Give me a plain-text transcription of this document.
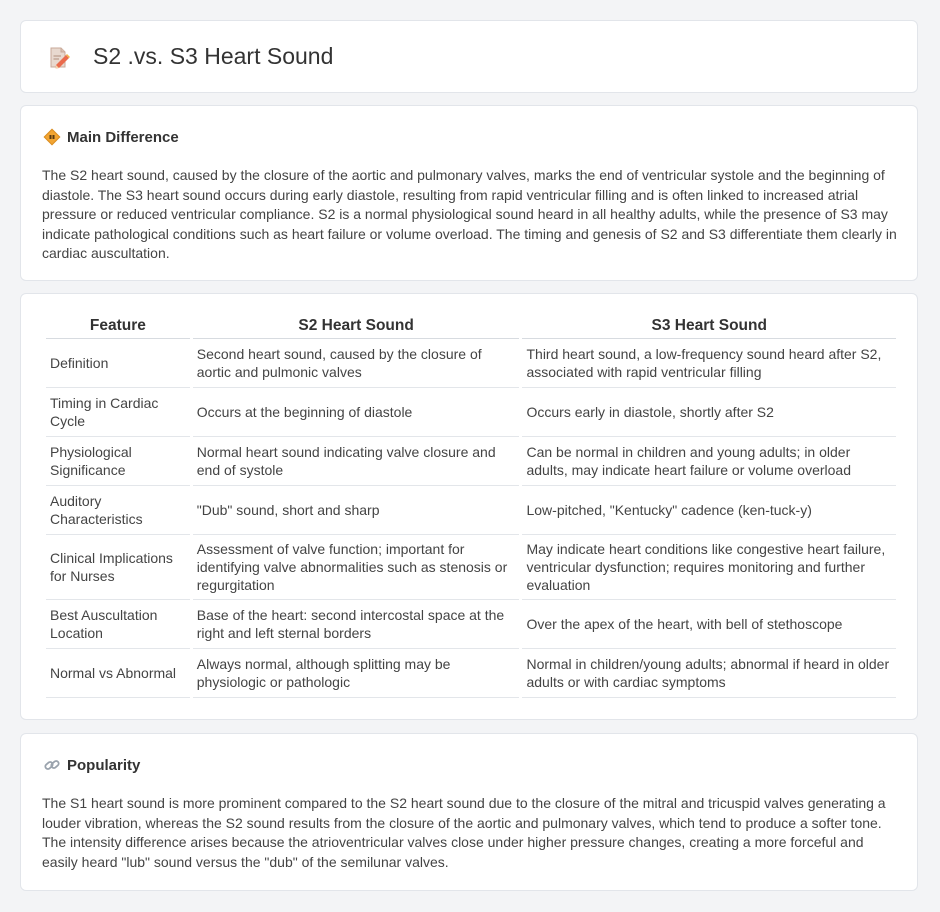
S2 .vs. S3 Heart Sound
Main Difference

The S2 heart sound, caused by the closure of the aortic and pulmonary valves, marks the end of ventricular systole and the beginning of diastole. The S3 heart sound occurs during early diastole, resulting from rapid ventricular filling and is often linked to increased atrial pressure or reduced ventricular compliance. S2 is a normal physiological sound heard in all healthy adults, while the presence of S3 may indicate pathological conditions such as heart failure or volume overload. The timing and genesis of S2 and S3 differentiate them clearly in cardiac auscultation.

Feature	S2 Heart Sound	S3 Heart Sound
Definition	Second heart sound, caused by the closure of aortic and pulmonic valves	Third heart sound, a low-frequency sound heard after S2, associated with rapid ventricular filling
Timing in Cardiac Cycle	Occurs at the beginning of diastole	Occurs early in diastole, shortly after S2
Physiological Significance	Normal heart sound indicating valve closure and end of systole	Can be normal in children and young adults; in older adults, may indicate heart failure or volume overload
Auditory Characteristics	"Dub" sound, short and sharp	Low-pitched, "Kentucky" cadence (ken-tuck-y)
Clinical Implications for Nurses	Assessment of valve function; important for identifying valve abnormalities such as stenosis or regurgitation	May indicate heart conditions like congestive heart failure, ventricular dysfunction; requires monitoring and further evaluation
Best Auscultation Location	Base of the heart: second intercostal space at the right and left sternal borders	Over the apex of the heart, with bell of stethoscope
Normal vs Abnormal	Always normal, although splitting may be physiologic or pathologic	Normal in children/young adults; abnormal if heard in older adults or with cardiac symptoms
Popularity

The S1 heart sound is more prominent compared to the S2 heart sound due to the closure of the mitral and tricuspid valves generating a louder vibration, whereas the S2 sound results from the closure of the aortic and pulmonary valves, which tend to produce a softer tone. The intensity difference arises because the atrioventricular valves close under higher pressure changes, creating a more forceful and easily heard "lub" sound versus the "dub" of the semilunar valves.
